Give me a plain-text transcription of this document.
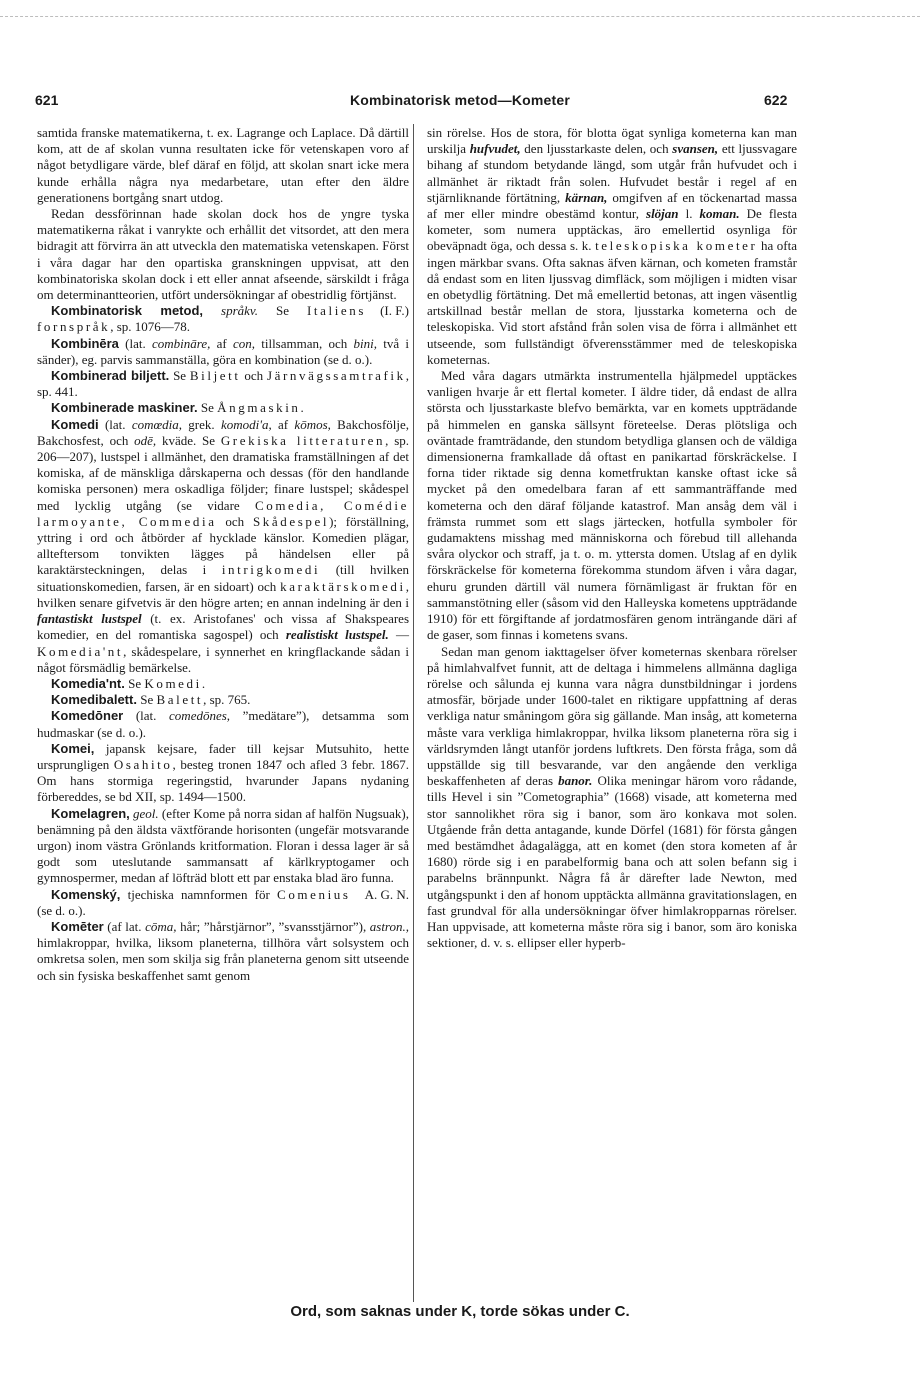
621	Kombinatorisk metod—Kometer	622

samtida franske matematikerna, t. ex. Lagrange och Laplace. Då därtill kom, att de af skolan vunna resultaten icke för vetenskapen voro af något betydligare värde, blef däraf en följd, att skolan snart icke mera kunde erhålla några nya medarbetare, utan efter den äldre generationens bortgång snart utdog.

Redan dessförinnan hade skolan dock hos de yngre tyska matematikerna råkat i vanrykte och erhållit det vitsordet, att den mera bidragit att förvirra än att utveckla den matematiska vetenskapen. Först i våra dagar har den opartiska granskningen uppvisat, att den kombinatoriska skolan dock i ett eller annat afseende, särskildt i fråga om determinantteorien, utfört undersökningar af obestridlig förtjänst.
(I. F.)

Kombinatorisk metod, språkv. Se Italiens fornspråk, sp. 1076—78.

Kombinēra (lat. combināre, af con, tillsamman, och bini, två i sänder), eg. parvis sammanställa, göra en kombination (se d. o.).

Kombinerad biljett. Se Biljett och Järnvägssamtrafik, sp. 441.

Kombinerade maskiner. Se Ångmaskin.

Komedi (lat. comœdia, grek. komodi'a, af kōmos, Bakchosfölje, Bakchosfest, och odē, kväde. Se Grekiska litteraturen, sp. 206—207), lustspel i allmänhet, den dramatiska framställningen af det komiska, af de mänskliga dårskaperna och dessas (för den handlande komiska personen) mera oskadliga följder; finare lustspel; skådespel med lycklig utgång (se vidare Comedia, Comédie larmoyante, Commedia och Skådespel); förställning, yttring i ord och åtbörder af hycklade känslor. Komedien plägar, allteftersom tonvikten lägges på händelsen eller på karaktärsteckningen, delas i intrigkomedi (till hvilken situationskomedien, farsen, är en sidoart) och karaktärskomedi, hvilken senare gifvetvis är den högre arten; en annan indelning är den i fantastiskt lustspel (t. ex. Aristofanes' och vissa af Shakspeares komedier, en del romantiska sagospel) och realistiskt lustspel. — Komedia'nt, skådespelare, i synnerhet en kringflackande sådan i något försmädlig bemärkelse.

Komedia'nt. Se Komedi.

Komedibalett. Se Balett, sp. 765.

Komedōner (lat. comedōnes, ”medätare”), detsamma som hudmaskar (se d. o.).

Komei, japansk kejsare, fader till kejsar Mutsuhito, hette ursprungligen Osahito, besteg tronen 1847 och afled 3 febr. 1867. Om hans stormiga regeringstid, hvarunder Japans nydaning förbereddes, se bd XII, sp. 1494—1500.

Komelagren, geol. (efter Kome på norra sidan af halfön Nugsuak), benämning på den äldsta växtförande horisonten (ungefär motsvarande urgon) inom västra Grönlands kritformation. Floran i dessa lager är så godt som uteslutande sammansatt af kärlkryptogamer och gymnospermer, medan af löfträd blott ett par enstaka blad äro funna.
A. G. N.

Komenský, tjechiska namnformen för Comenius (se d. o.).

Komēter (af lat. cōma, hår; ”hårstjärnor”, ”svansstjärnor”), astron., himlakroppar, hvilka, liksom planeterna, tillhöra vårt solsystem och omkretsa solen, men som skilja sig från planeterna genom sitt utseende och sin fysiska beskaffenhet samt genom

sin rörelse. Hos de stora, för blotta ögat synliga kometerna kan man urskilja hufvudet, den ljusstarkaste delen, och svansen, ett ljussvagare bihang af stundom betydande längd, som utgår från hufvudet och i allmänhet är riktadt från solen. Hufvudet består i regel af en stjärnliknande förtätning, kärnan, omgifven af en töckenartad massa af mer eller mindre obestämd kontur, slöjan l. koman. De flesta kometer, som numera upptäckas, äro emellertid osynliga för obeväpnadt öga, och dessa s. k. teleskopiska kometer ha ofta ingen märkbar svans. Ofta saknas äfven kärnan, och kometen framstår då endast som en liten ljussvag dimfläck, som möjligen i midten visar en obetydlig förtätning. Det må emellertid betonas, att ingen väsentlig artskillnad består mellan de stora, ljusstarka kometerna och de teleskopiska. Vid stort afstånd från solen visa de förra i allmänhet ett utseende, som fullständigt öfverensstämmer med de teleskopiska kometernas.

Med våra dagars utmärkta instrumentella hjälpmedel upptäckes vanligen hvarje år ett flertal kometer. I äldre tider, då endast de allra största och ljusstarkaste blefvo bemärkta, var en komets uppträdande på himmelen en ganska sällsynt företeelse. Deras plötsliga och oväntade framträdande, den stundom betydliga glansen och de väldiga dimensionerna framkallade då oftast en panikartad förskräckelse. I forna tider riktade sig denna kometfruktan kanske oftast icke så mycket på den omedelbara faran af ett sammanträffande med kometerna och den däraf följande katastrof. Man ansåg dem väl i främsta rummet som ett slags järtecken, hotfulla symboler för gudamaktens misshag med människorna och förebud till allehanda svåra olyckor och straff, ja t. o. m. yttersta domen. Utslag af en dylik förskräckelse för kometerna förekomma stundom äfven i våra dagar, ehuru grunden därtill väl numera förnämligast är fruktan för en sammanstötning eller (såsom vid den Halleyska kometens uppträdande 1910) för ett förgiftande af jordatmosfären genom inträngande däri af de gaser, som finnas i kometens svans.

Sedan man genom iakttagelser öfver kometernas skenbara rörelser på himlahvalfvet funnit, att de deltaga i himmelens allmänna dagliga rörelse och sålunda ej kunna vara några dunstbildningar i jordens atmosfär, började under 1600-talet en riktigare uppfattning af deras verkliga natur småningom göra sig gällande. Man insåg, att kometerna måste vara verkliga himlakroppar, hvilka liksom planeterna röra sig i världsrymden långt utanför jordens luftkrets. Den första fråga, som då uppställde sig till besvarande, var den angående den verkliga beskaffenheten af deras banor. Olika meningar härom voro rådande, tills Hevel i sin ”Cometographia” (1668) visade, att kometerna med stor sannolikhet röra sig i banor, som äro konkava mot solen. Utgående från detta antagande, kunde Dörfel (1681) för första gången med bestämdhet ådagalägga, att en komet (den stora kometen af år 1680) rörde sig i en parabelformig bana och att solen befann sig i parabelns brännpunkt. Några få år därefter lade Newton, med utgångspunkt i den af honom upptäckta allmänna gravitationslagen, en fast grundval för alla undersökningar öfver himlakropparnas rörelser. Han uppvisade, att kometerna måste röra sig i banor, som äro koniska sektioner, d. v. s. ellipser eller hyperb-

Ord, som saknas under K, torde sökas under C.
